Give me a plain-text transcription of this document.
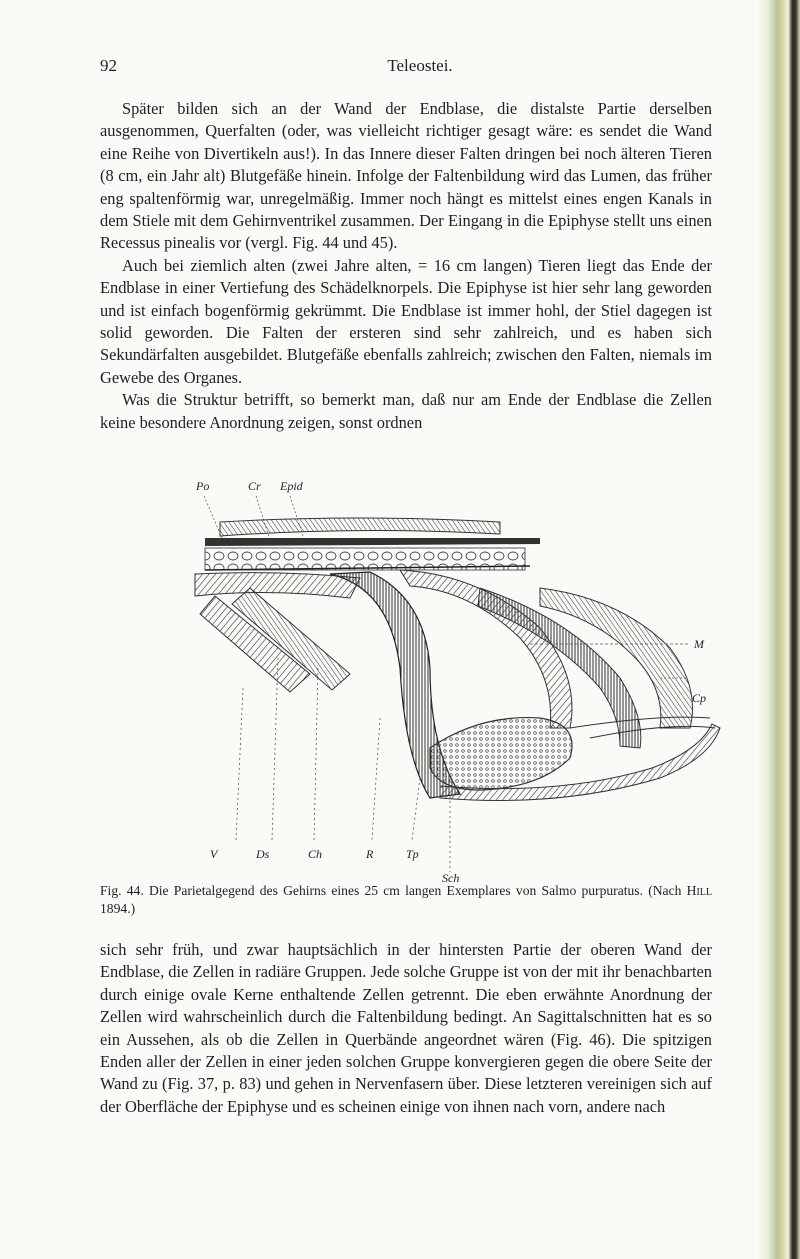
92	Teleostei.

Später bilden sich an der Wand der Endblase, die distalste Partie derselben ausgenommen, Querfalten (oder, was vielleicht richtiger gesagt wäre: es sendet die Wand eine Reihe von Divertikeln aus!). In das Innere dieser Falten dringen bei noch älteren Tieren (8 cm, ein Jahr alt) Blutgefäße hinein. Infolge der Faltenbildung wird das Lumen, das früher eng spaltenförmig war, unregelmäßig. Immer noch hängt es mittelst eines engen Kanals in dem Stiele mit dem Gehirnventrikel zusammen. Der Eingang in die Epiphyse stellt uns einen Recessus pinealis vor (vergl. Fig. 44 und 45).

Auch bei ziemlich alten (zwei Jahre alten, = 16 cm langen) Tieren liegt das Ende der Endblase in einer Vertiefung des Schädelknorpels. Die Epiphyse ist hier sehr lang geworden und ist einfach bogenförmig gekrümmt. Die Endblase ist immer hohl, der Stiel dagegen ist solid geworden. Die Falten der ersteren sind sehr zahlreich, und es haben sich Sekundärfalten ausgebildet. Blutgefäße ebenfalls zahlreich; zwischen den Falten, niemals im Gewebe des Organes.

Was die Struktur betrifft, so bemerkt man, daß nur am Ende der Endblase die Zellen keine besondere Anordnung zeigen, sonst ordnen

Po	Cr Epid
M
Cp
V	Ds	Ch	R	Tp
Sch
Fig. 44. Die Parietalgegend des Gehirns eines 25 cm langen Exemplares von Salmo purpuratus. (Nach Hill 1894.)

sich sehr früh, und zwar hauptsächlich in der hintersten Partie der oberen Wand der Endblase, die Zellen in radiäre Gruppen. Jede solche Gruppe ist von der mit ihr benachbarten durch einige ovale Kerne enthaltende Zellen getrennt. Die eben erwähnte Anordnung der Zellen wird wahrscheinlich durch die Faltenbildung bedingt. An Sagittalschnitten hat es so ein Aussehen, als ob die Zellen in Querbände angeordnet wären (Fig. 46). Die spitzigen Enden aller der Zellen in einer jeden solchen Gruppe konvergieren gegen die obere Seite der Wand zu (Fig. 37, p. 83) und gehen in Nervenfasern über. Diese letzteren vereinigen sich auf der Oberfläche der Epiphyse und es scheinen einige von ihnen nach vorn, andere nach
